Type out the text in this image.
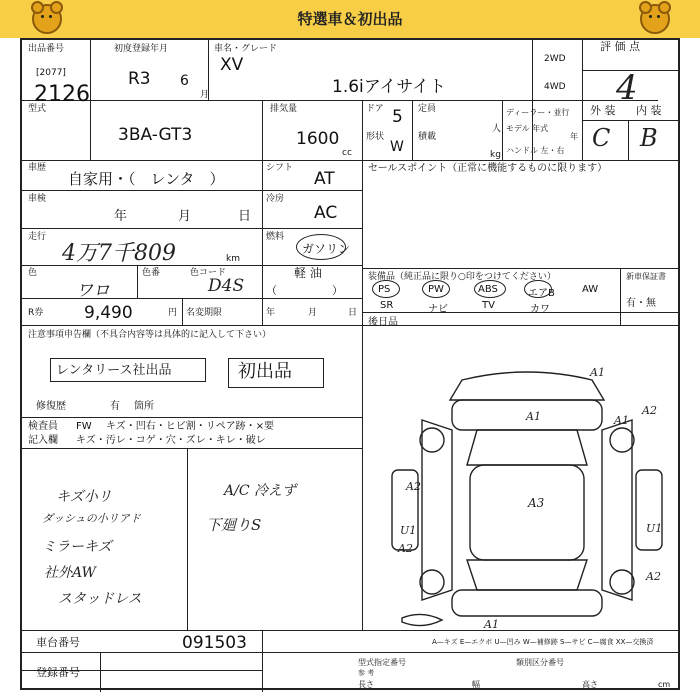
特選車＆初出品
出品番号
[2077]
2126
初度登録年月
R3 6
月
車名・グレード
XV
1.6iアイサイト
2WD
4WD
評 価 点
4
型式
3BA-GT3
排気量
1600
cc
ドア 5
形状
W
定員
人
積載
kg
ディーラー・並行
モデル 年式
年
ハンドル 左・右
外 装 内 装
C B
車歴
自家用・（　レンタ　）
車検
年	月	日
走行
4万7千809	km
色
ワロ
色番	色コード
D4S
シフト
AT
冷房
AC
燃料
ガソリン
軽 油
（　　　　　）
R券 9,490	円 名変期限	年	月	日
注意事項申告欄（不具合内容等は具体的に記入して下さい）
レンタリース社出品	初出品
修復歴	有 箇所
検査員 FW キズ・凹右・ヒビ割・リペア跡・×要
記入欄 キズ・汚レ・コゲ・穴・ズレ・キレ・破レ
キズ小リ
ダッシュの小リアド
ミラーキズ
社外AW
スタッドレス
A/C 冷えず
下廻りS
セールスポイント（正常に機能するものに限ります）
装備品（純正品に限り○印をつけてください）	新車保証書
有・無
PS	PW	ABS	エアB	AW
SR	ナビ	TV	カワ
後日品
A1
A1	A1
A2
A3
A2
U1
A2
U1
A2
A1
A—キズ E—エクボ U—凹み W—補修跡 S—サビ C—腐食 XX—交換済
車台番号	091503
登録番号
型式指定番号	類別区分番号
参 考
長さ	幅	高さ	cm
